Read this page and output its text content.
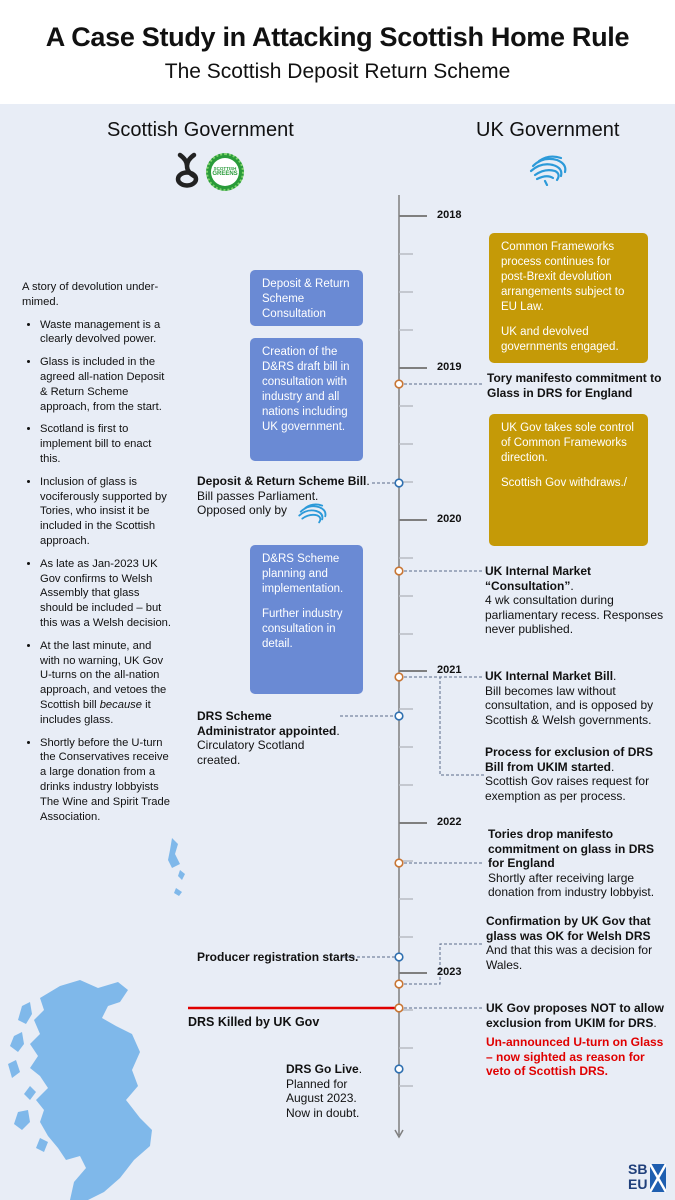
A Case Study in Attacking Scottish Home Rule
The Scottish Deposit Return Scheme
Scottish Government	UK Government
SCOTTISH
GREENS
2018
2019
2020
2021
2022
2023
A story of devolution under-mimed.
• Waste management is a clearly devolved power.
• Glass is included in the agreed all-nation Deposit & Return Scheme approach, from the start.
• Scotland is first to implement bill to enact this.
• Inclusion of glass is vociferously supported by Tories, who insist it be included in the Scottish approach.
• As late as Jan-2023 UK Gov confirms to Welsh Assembly that glass should be included – but this was a Welsh decision.
• At the last minute, and with no warning, UK Gov U-turns on the all-nation approach, and vetoes the Scottish bill because it includes glass.
• Shortly before the U-turn the Conservatives receive a large donation from a drinks industry lobbyists The Wine and Spirit Trade Association.
Deposit & Return Scheme Consultation
Creation of the D&RS draft bill in consultation with industry and all nations including UK government.

D&RS Scheme planning and implementation.

Further industry consultation in detail.

Common Frameworks process continues for post-Brexit devolution arrangements subject to EU Law.

UK and devolved governments engaged.

UK Gov takes sole control of Common Frameworks direction.

Scottish Gov withdraws./

Deposit & Return Scheme Bill. Bill passes Parliament.
Opposed only by
DRS Scheme Administrator appointed.
Circulatory Scotland created.
Producer registration starts.
DRS Killed by UK Gov
DRS Go Live.
Planned for August 2023. Now in doubt.
Tory manifesto commitment to Glass in DRS for England
UK Internal Market “Consultation”.
4 wk consultation during parliamentary recess. Responses never published.
UK Internal Market Bill.
Bill becomes law without consultation, and is opposed by Scottish & Welsh governments.
Process for exclusion of DRS Bill from UKIM started.
Scottish Gov raises request for exemption as per process.
Tories drop manifesto commitment on glass in DRS for England
Shortly after receiving large donation from industry lobbyist.
Confirmation by UK Gov that glass was OK for Welsh DRS
And that this was a decision for Wales.
UK Gov proposes NOT to allow exclusion from UKIM for DRS.
Un-announced U-turn on Glass – now sighted as reason for veto of Scottish DRS.
SB
EU
